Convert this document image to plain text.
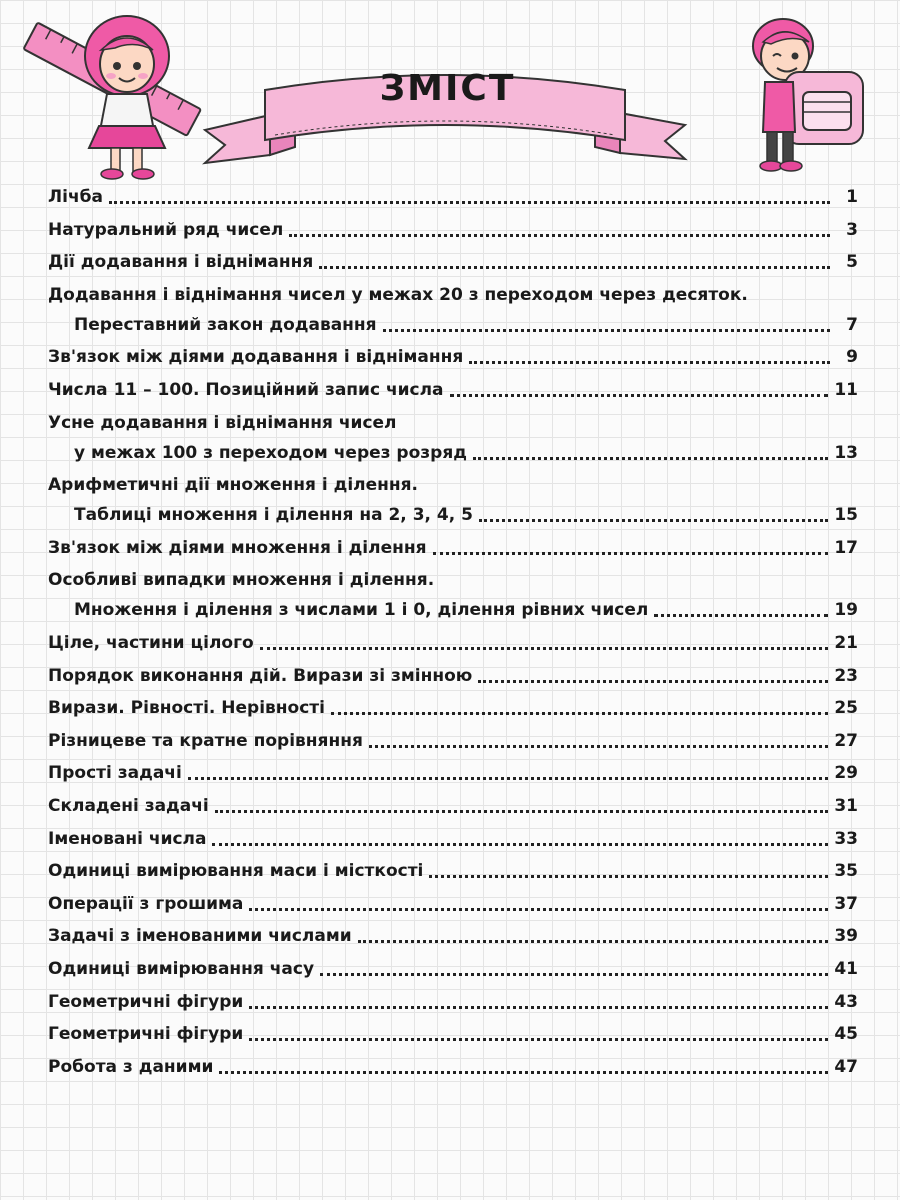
ЗМІСТ
Лічба	1
Натуральний ряд чисел	3
Дії додавання і віднімання	5
Додавання і віднімання чисел у межах 20 з переходом через десяток.
Переставний закон додавання	7
Зв'язок між діями додавання і віднімання	9
Числа 11 – 100. Позиційний запис числа	11
Усне додавання і віднімання чисел
у межах 100 з переходом через розряд	13
Арифметичні дії множення і ділення.
Таблиці множення і ділення на 2, 3, 4, 5	15
Зв'язок між діями множення і ділення	17
Особливі випадки множення і ділення.
Множення і ділення з числами 1 і 0, ділення рівних чисел	19
Ціле, частини цілого	21
Порядок виконання дій. Вирази зі змінною	23
Вирази. Рівності. Нерівності	25
Різницеве та кратне порівняння	27
Прості задачі	29
Складені задачі	31
Іменовані числа	33
Одиниці вимірювання маси і місткості	35
Операції з грошима	37
Задачі з іменованими числами	39
Одиниці вимірювання часу	41
Геометричні фігури	43
Геометричні фігури	45
Робота з даними	47
